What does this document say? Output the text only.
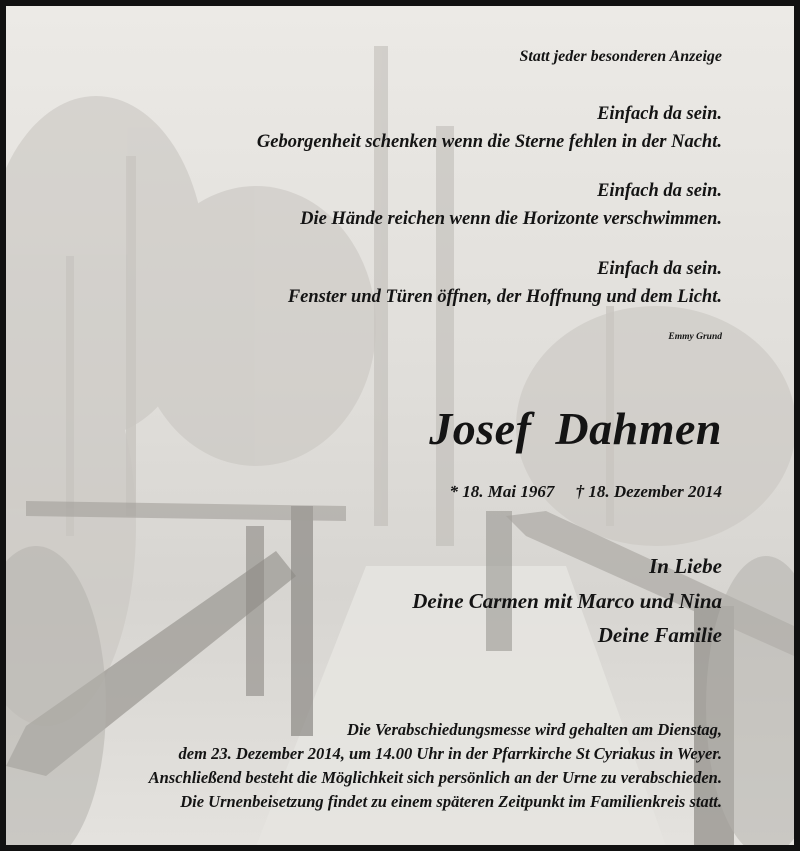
Statt jeder besonderen Anzeige
Einfach da sein.
Geborgenheit schenken wenn die Sterne fehlen in der Nacht.
Einfach da sein.
Die Hände reichen wenn die Horizonte verschwimmen.
Einfach da sein.
Fenster und Türen öffnen, der Hoffnung und dem Licht.
Emmy Grund
Josef Dahmen
* 18. Mai 1967 † 18. Dezember 2014
In Liebe
Deine Carmen mit Marco und Nina
Deine Familie
Die Verabschiedungsmesse wird gehalten am Dienstag,
dem 23. Dezember 2014, um 14.00 Uhr in der Pfarrkirche St Cyriakus in Weyer.
Anschließend besteht die Möglichkeit sich persönlich an der Urne zu verabschieden.
Die Urnenbeisetzung findet zu einem späteren Zeitpunkt im Familienkreis statt.
